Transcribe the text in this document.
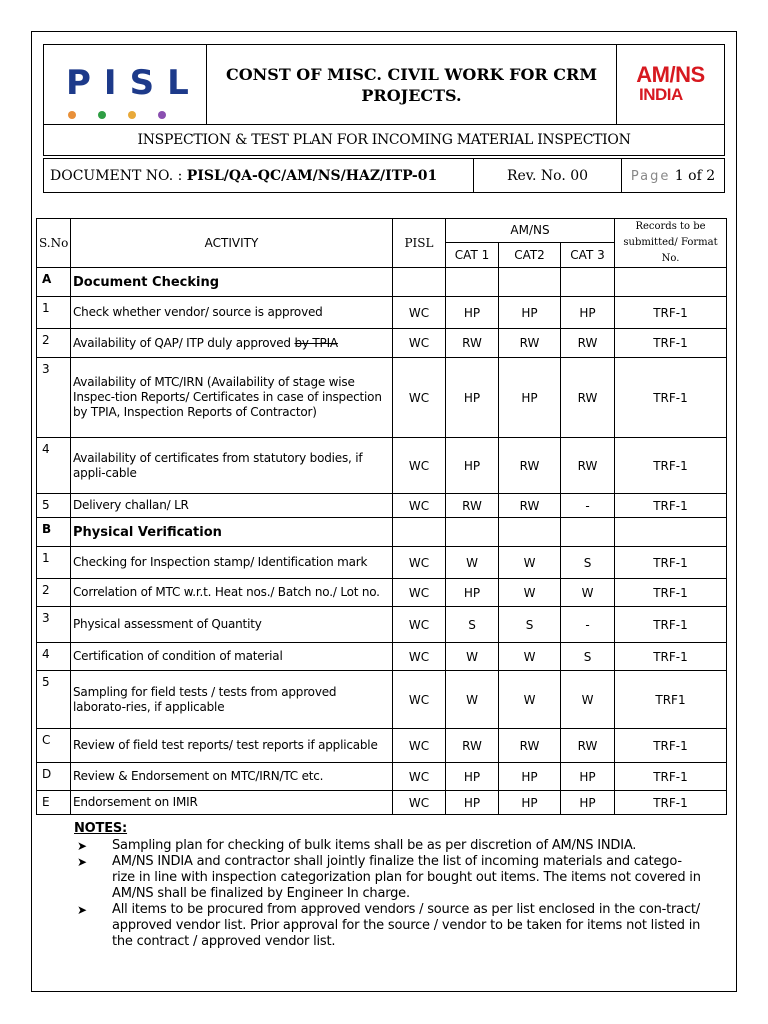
PISL	CONST OF MISC. CIVIL WORK FOR CRM PROJECTS.	
AM/NS
INDIA

INSPECTION & TEST PLAN FOR INCOMING MATERIAL INSPECTION
DOCUMENT NO. : PISL/QA-QC/AM/NS/HAZ/ITP-01	Rev. No. 00	Page 1 of 2
S.No	ACTIVITY	PISL	AM/NS			Records to be submitted/ Format No.
			CAT 1	CAT2	CAT 3	
A	Document Checking					
1	Check whether vendor/ source is approved	WC	HP	HP	HP	TRF-1
2	Availability of QAP/ ITP duly approved by TPIA	WC	RW	RW	RW	TRF-1
3	Availability of MTC/IRN (Availability of stage wise Inspec-tion Reports/ Certificates in case of inspection by TPIA, Inspection Reports of Contractor)	WC	HP	HP	RW	TRF-1
4	Availability of certificates from statutory bodies, if appli-cable	WC	HP	RW	RW	TRF-1
5	Delivery challan/ LR	WC	RW	RW	-	TRF-1
B	Physical Verification					
1	Checking for Inspection stamp/ Identification mark	WC	W	W	S	TRF-1
2	Correlation of MTC w.r.t. Heat nos./ Batch no./ Lot no.	WC	HP	W	W	TRF-1
3	Physical assessment of Quantity	WC	S	S	-	TRF-1
4	Certification of condition of material	WC	W	W	S	TRF-1
5	Sampling for field tests / tests from approved laborato-ries, if applicable	WC	W	W	W	TRF1
C	Review of field test reports/ test reports if applicable	WC	RW	RW	RW	TRF-1
D	Review & Endorsement on MTC/IRN/TC etc.	WC	HP	HP	HP	TRF-1
E	Endorsement on IMIR	WC	HP	HP	HP	TRF-1

NOTES:

➤ Sampling plan for checking of bulk items shall be as per discretion of AM/NS INDIA.

➤ AM/NS INDIA and contractor shall jointly finalize the list of incoming materials and catego-rize in line with inspection categorization plan for bought out items. The items not covered in AM/NS shall be finalized by Engineer In charge.

➤ All items to be procured from approved vendors / source as per list enclosed in the con-tract/ approved vendor list. Prior approval for the source / vendor to be taken for items not listed in the contract / approved vendor list.
